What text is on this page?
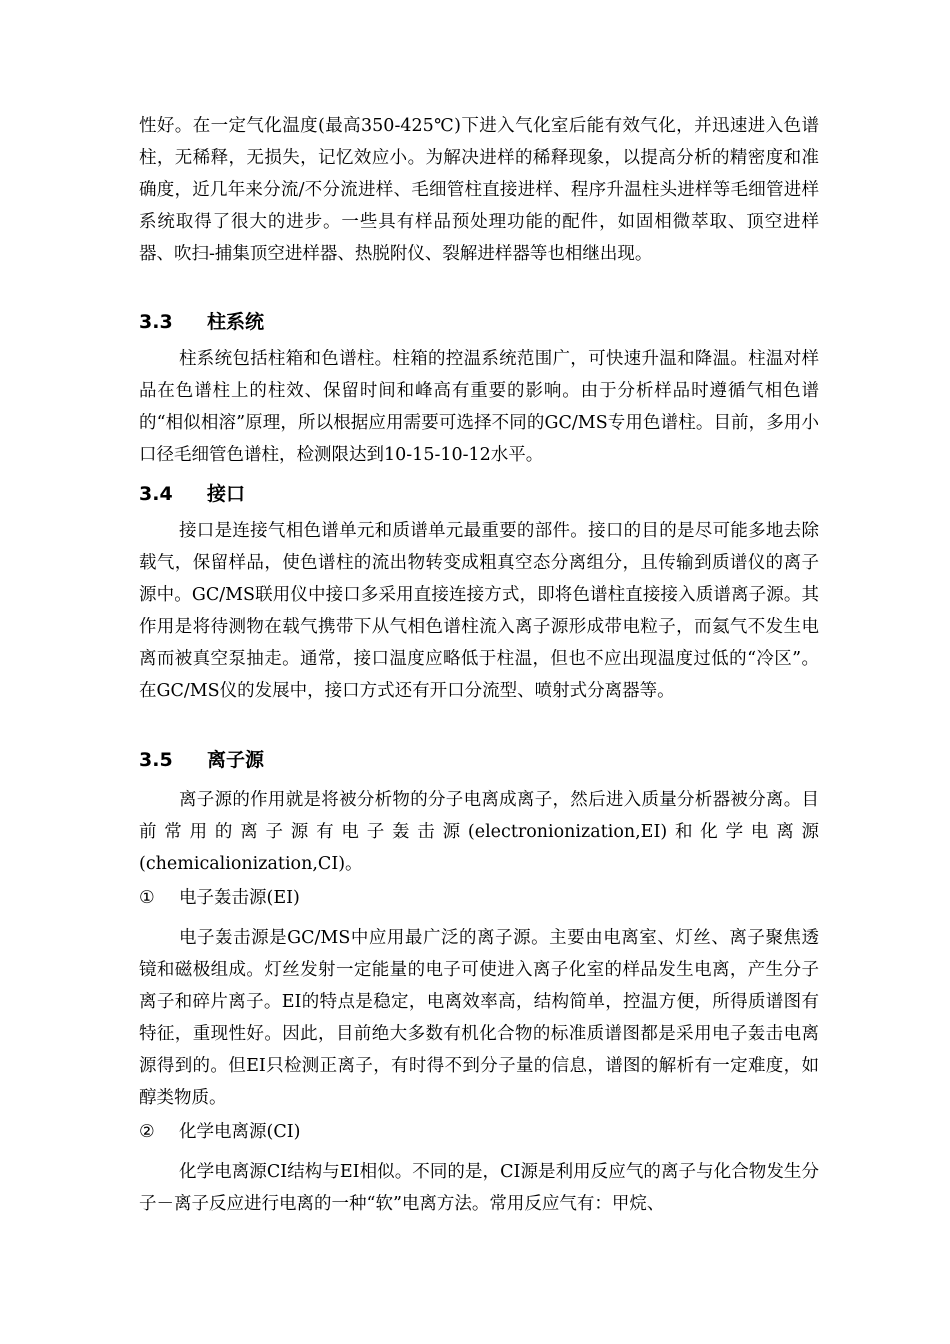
性好。在一定气化温度(最高350-425℃)下进入气化室后能有效气化，并迅速进入色谱柱，无稀释，无损失，记忆效应小。为解决进样的稀释现象，以提高分析的精密度和准确度，近几年来分流/不分流进样、毛细管柱直接进样、程序升温柱头进样等毛细管进样系统取得了很大的进步。一些具有样品预处理功能的配件，如固相微萃取、顶空进样器、吹扫-捕集顶空进样器、热脱附仪、裂解进样器等也相继出现。

3.3 柱系统

柱系统包括柱箱和色谱柱。柱箱的控温系统范围广，可快速升温和降温。柱温对样品在色谱柱上的柱效、保留时间和峰高有重要的影响。由于分析样品时遵循气相色谱的“相似相溶”原理，所以根据应用需要可选择不同的GC/MS专用色谱柱。目前，多用小口径毛细管色谱柱，检测限达到10-15-10-12水平。

3.4 接口

接口是连接气相色谱单元和质谱单元最重要的部件。接口的目的是尽可能多地去除载气，保留样品，使色谱柱的流出物转变成粗真空态分离组分，且传输到质谱仪的离子源中。GC/MS联用仪中接口多采用直接连接方式，即将色谱柱直接接入质谱离子源。其作用是将待测物在载气携带下从气相色谱柱流入离子源形成带电粒子，而氦气不发生电离而被真空泵抽走。通常，接口温度应略低于柱温，但也不应出现温度过低的“冷区”。在GC/MS仪的发展中，接口方式还有开口分流型、喷射式分离器等。

3.5 离子源

离子源的作用就是将被分析物的分子电离成离子，然后进入质量分析器被分离。目前常用的离子源有电子轰击源(electronionization,EI)和化学电离源(chemicalionization,CI)。

① 电子轰击源(EI)

电子轰击源是GC/MS中应用最广泛的离子源。主要由电离室、灯丝、离子聚焦透镜和磁极组成。灯丝发射一定能量的电子可使进入离子化室的样品发生电离，产生分子离子和碎片离子。EI的特点是稳定，电离效率高，结构简单，控温方便，所得质谱图有特征，重现性好。因此，目前绝大多数有机化合物的标准质谱图都是采用电子轰击电离源得到的。但EI只检测正离子，有时得不到分子量的信息，谱图的解析有一定难度，如醇类物质。

② 化学电离源(CI)

化学电离源CI结构与EI相似。不同的是，CI源是利用反应气的离子与化合物发生分子－离子反应进行电离的一种“软”电离方法。常用反应气有：甲烷、
